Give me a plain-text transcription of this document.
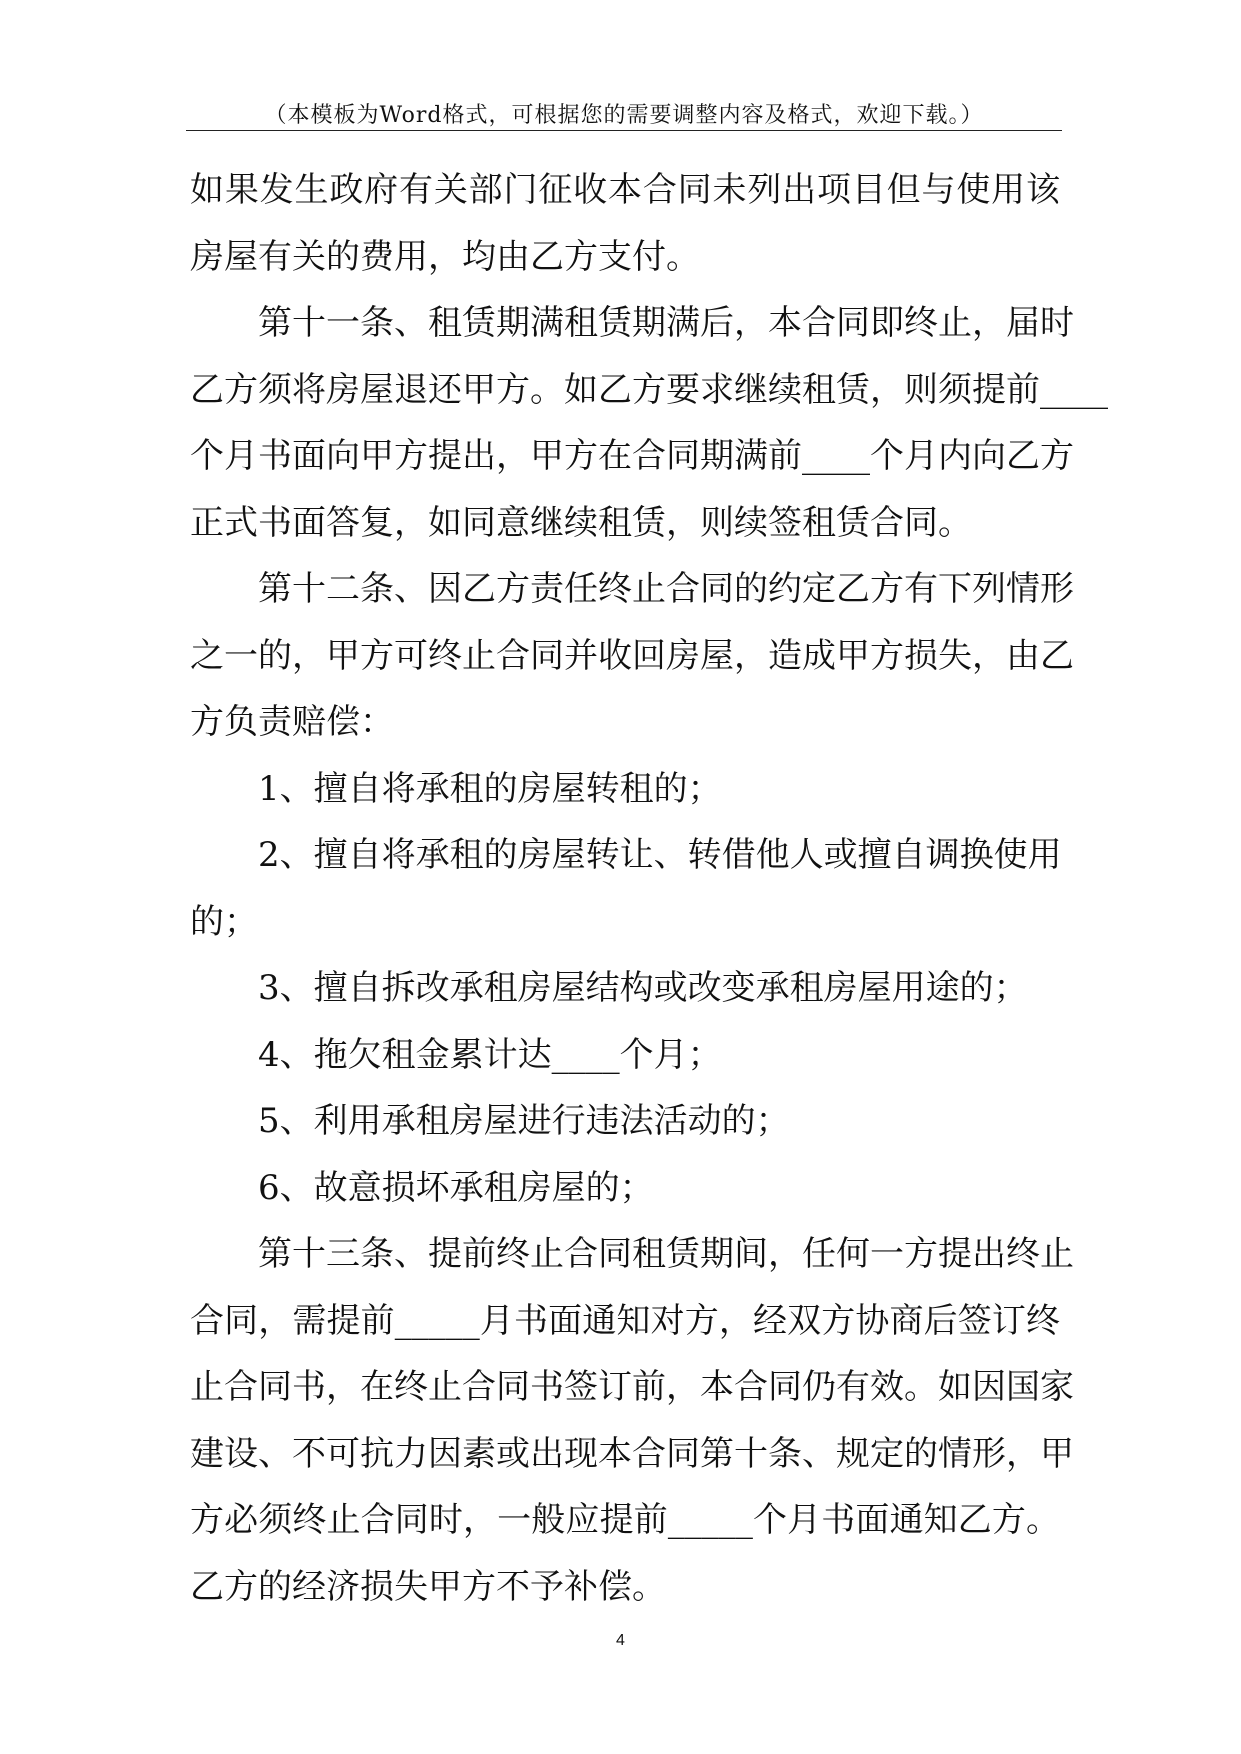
（本模板为Word格式，可根据您的需要调整内容及格式，欢迎下载。）
如果发生政府有关部门征收本合同未列出项目但与使用该
房屋有关的费用，均由乙方支付。
第十一条、租赁期满租赁期满后，本合同即终止，届时
乙方须将房屋退还甲方。如乙方要求继续租赁，则须提前____
个月书面向甲方提出，甲方在合同期满前____个月内向乙方
正式书面答复，如同意继续租赁，则续签租赁合同。
第十二条、因乙方责任终止合同的约定乙方有下列情形
之一的，甲方可终止合同并收回房屋，造成甲方损失，由乙
方负责赔偿：
1、擅自将承租的房屋转租的；
2、擅自将承租的房屋转让、转借他人或擅自调换使用
的；
3、擅自拆改承租房屋结构或改变承租房屋用途的；
4、拖欠租金累计达____个月；
5、利用承租房屋进行违法活动的；
6、故意损坏承租房屋的；
第十三条、提前终止合同租赁期间，任何一方提出终止
合同，需提前_____月书面通知对方，经双方协商后签订终
止合同书，在终止合同书签订前，本合同仍有效。如因国家
建设、不可抗力因素或出现本合同第十条、规定的情形，甲
方必须终止合同时，一般应提前_____个月书面通知乙方。
乙方的经济损失甲方不予补偿。
4
